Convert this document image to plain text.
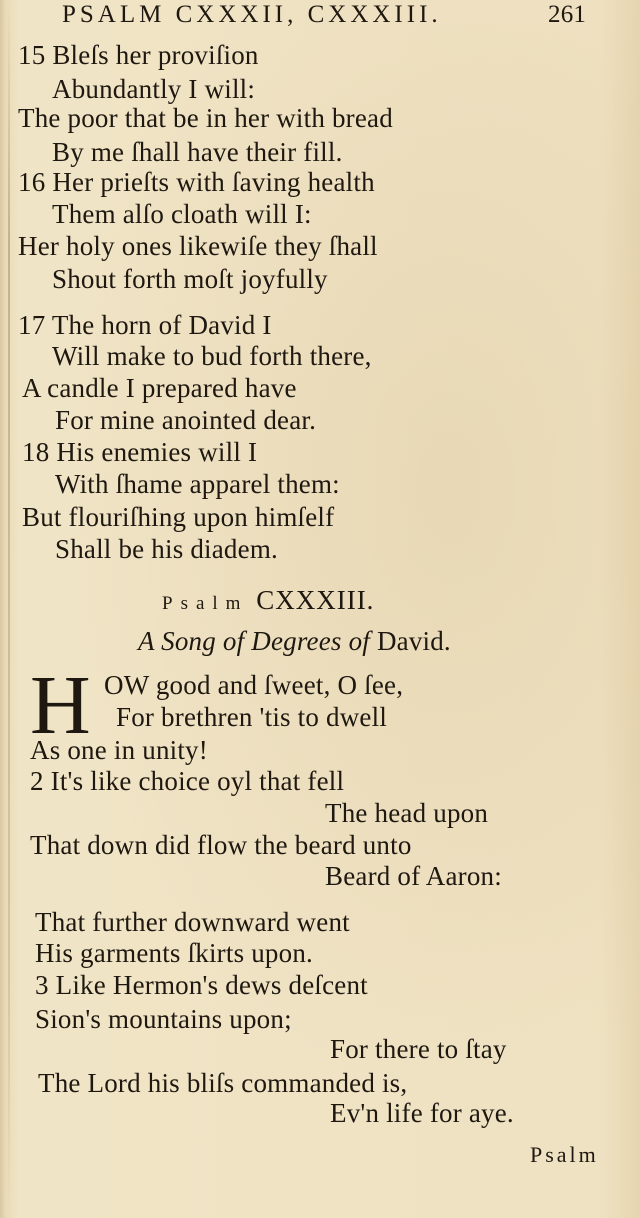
PSALM CXXXII, CXXXIII.	261
15 Bleſs her proviſion
Abundantly I will:
The poor that be in her with bread
By me ſhall have their fill.
16 Her prieſts with ſaving health
Them alſo cloath will I:
Her holy ones likewiſe they ſhall
Shout forth moſt joyfully
17 The horn of David I
Will make to bud forth there,
A candle I prepared have
For mine anointed dear.
18 His enemies will I
With ſhame apparel them:
But flouriſhing upon himſelf
Shall be his diadem.
Psalm CXXXIII.
A Song of Degrees of David.
H OW good and ſweet, O ſee,
For brethren 'tis to dwell
As one in unity!
2 It's like choice oyl that fell
The head upon
That down did flow the beard unto
Beard of Aaron:
That further downward went
His garments ſkirts upon.
3 Like Hermon's dews deſcent
Sion's mountains upon;
For there to ſtay
The Lord his bliſs commanded is,
Ev'n life for aye.
Psalm
